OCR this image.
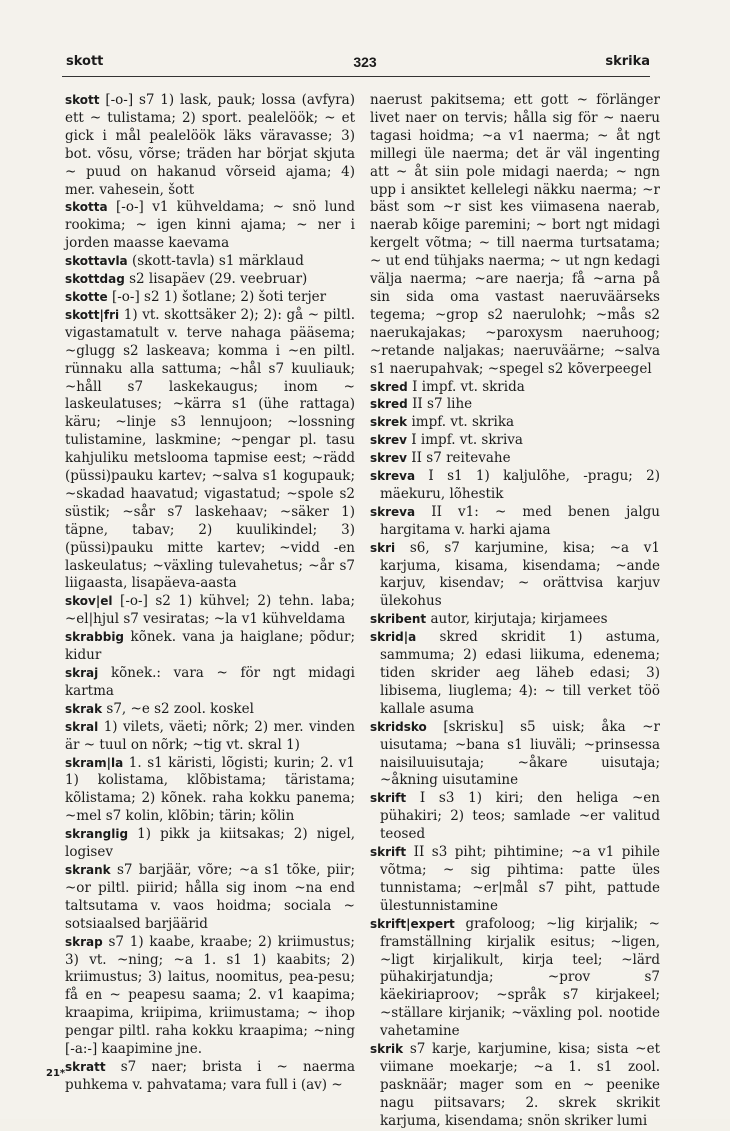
skott	323	skrika

skott [-o-] s7 1) lask, pauk; lossa (avfyra) ett ~ tulistama; 2) sport. pealelöök; ~ et gick i mål pealelöök läks väravasse; 3) bot. võsu, võrse; träden har börjat skjuta ~ puud on hakanud võrseid ajama; 4) mer. vahesein, šott

skotta [-o-] v1 kühveldama; ~ snö lund rookima; ~ igen kinni ajama; ~ ner i jorden maasse kaevama

skottavla (skott-tavla) s1 märklaud

skottdag s2 lisapäev (29. veebruar)

skotte [-o-] s2 1) šotlane; 2) šoti terjer

skott|fri 1) vt. skottsäker 2); 2): gå ~ piltl. vigastamatult v. terve nahaga pääsema; ~glugg s2 laskeava; komma i ~en piltl. rünnaku alla sattuma; ~hål s7 kuuliauk; ~håll s7 laskekaugus; inom ~ laskeulatuses; ~kärra s1 (ühe rattaga) käru; ~linje s3 lennujoon; ~lossning tulistamine, laskmine; ~pengar pl. tasu kahjuliku metslooma tapmise eest; ~rädd (püssi)pauku kartev; ~salva s1 kogupauk; ~skadad haavatud; vigastatud; ~spole s2 süstik; ~sår s7 laskehaav; ~säker 1) täpne, tabav; 2) kuulikindel; 3) (püssi)pauku mitte kartev; ~vidd -en laskeulatus; ~växling tulevahetus; ~år s7 liigaasta, lisapäeva-aasta

skov|el [-o-] s2 1) kühvel; 2) tehn. laba; ~el|hjul s7 vesiratas; ~la v1 kühveldama

skrabbig kõnek. vana ja haiglane; põdur; kidur

skraj kõnek.: vara ~ för ngt midagi kartma

skrak s7, ~e s2 zool. koskel

skral 1) vilets, väeti; nõrk; 2) mer. vinden är ~ tuul on nõrk; ~tig vt. skral 1)

skram|la 1. s1 käristi, lõgisti; kurin; 2. v1 1) kolistama, klõbistama; täristama; kõlistama; 2) kõnek. raha kokku panema; ~mel s7 kolin, klõbin; tärin; kõlin

skranglig 1) pikk ja kiitsakas; 2) nigel, logisev

skrank s7 barjäär, võre; ~a s1 tõke, piir; ~or piltl. piirid; hålla sig inom ~na end taltsutama v. vaos hoidma; sociala ~ sotsiaalsed barjäärid

skrap s7 1) kaabe, kraabe; 2) kriimustus; 3) vt. ~ning; ~a 1. s1 1) kaabits; 2) kriimustus; 3) laitus, noomitus, pea-pesu; få en ~ peapesu saama; 2. v1 kaapima; kraapima, kriipima, kriimustama; ~ ihop pengar piltl. raha kokku kraapima; ~ning [-a:-] kaapimine jne.

skratt s7 naer; brista i ~ naerma puhkema v. pahvatama; vara full i (av) ~

naerust pakitsema; ett gott ~ förlänger livet naer on tervis; hålla sig för ~ naeru tagasi hoidma; ~a v1 naerma; ~ åt ngt millegi üle naerma; det är väl ingenting att ~ åt siin pole midagi naerda; ~ ngn upp i ansiktet kellelegi näkku naerma; ~r bäst som ~r sist kes viimasena naerab, naerab kõige paremini; ~ bort ngt midagi kergelt võtma; ~ till naerma turtsatama; ~ ut end tühjaks naerma; ~ ut ngn kedagi välja naerma; ~are naerja; få ~arna på sin sida oma vastast naeruväärseks tegema; ~grop s2 naerulohk; ~mås s2 naerukajakas; ~paroxysm naeruhoog; ~retande naljakas; naeruväärne; ~salva s1 naerupahvak; ~spegel s2 kõverpeegel

skred I impf. vt. skrida

skred II s7 lihe

skrek impf. vt. skrika

skrev I impf. vt. skriva

skrev II s7 reitevahe

skreva I s1 1) kaljulõhe, -pragu; 2) mäekuru, lõhestik

skreva II v1: ~ med benen jalgu hargitama v. harki ajama

skri s6, s7 karjumine, kisa; ~a v1 karjuma, kisama, kisendama; ~ande karjuv, kisendav; ~ orättvisa karjuv ülekohus

skribent autor, kirjutaja; kirjamees

skrid|a skred skridit 1) astuma, sammuma; 2) edasi liikuma, edenema; tiden skrider aeg läheb edasi; 3) libisema, liuglema; 4): ~ till verket töö kallale asuma

skridsko [skrisku] s5 uisk; åka ~r uisutama; ~bana s1 liuväli; ~prinsessa naisiluuisutaja; ~åkare uisutaja; ~åkning uisutamine

skrift I s3 1) kiri; den heliga ~en pühakiri; 2) teos; samlade ~er valitud teosed

skrift II s3 piht; pihtimine; ~a v1 pihile võtma; ~ sig pihtima: patte üles tunnistama; ~er|mål s7 piht, pattude ülestunnistamine

skrift|expert grafoloog; ~lig kirjalik; ~ framställning kirjalik esitus; ~ligen, ~ligt kirjalikult, kirja teel; ~lärd pühakirjatundja; ~prov s7 käekiriaproov; ~språk s7 kirjakeel; ~ställare kirjanik; ~växling pol. nootide vahetamine

skrik s7 karje, karjumine, kisa; sista ~et viimane moekarje; ~a 1. s1 zool. pasknäär; mager som en ~ peenike nagu piitsavars; 2. skrek skrikit karjuma, kisendama; snön skriker lumi

21*
